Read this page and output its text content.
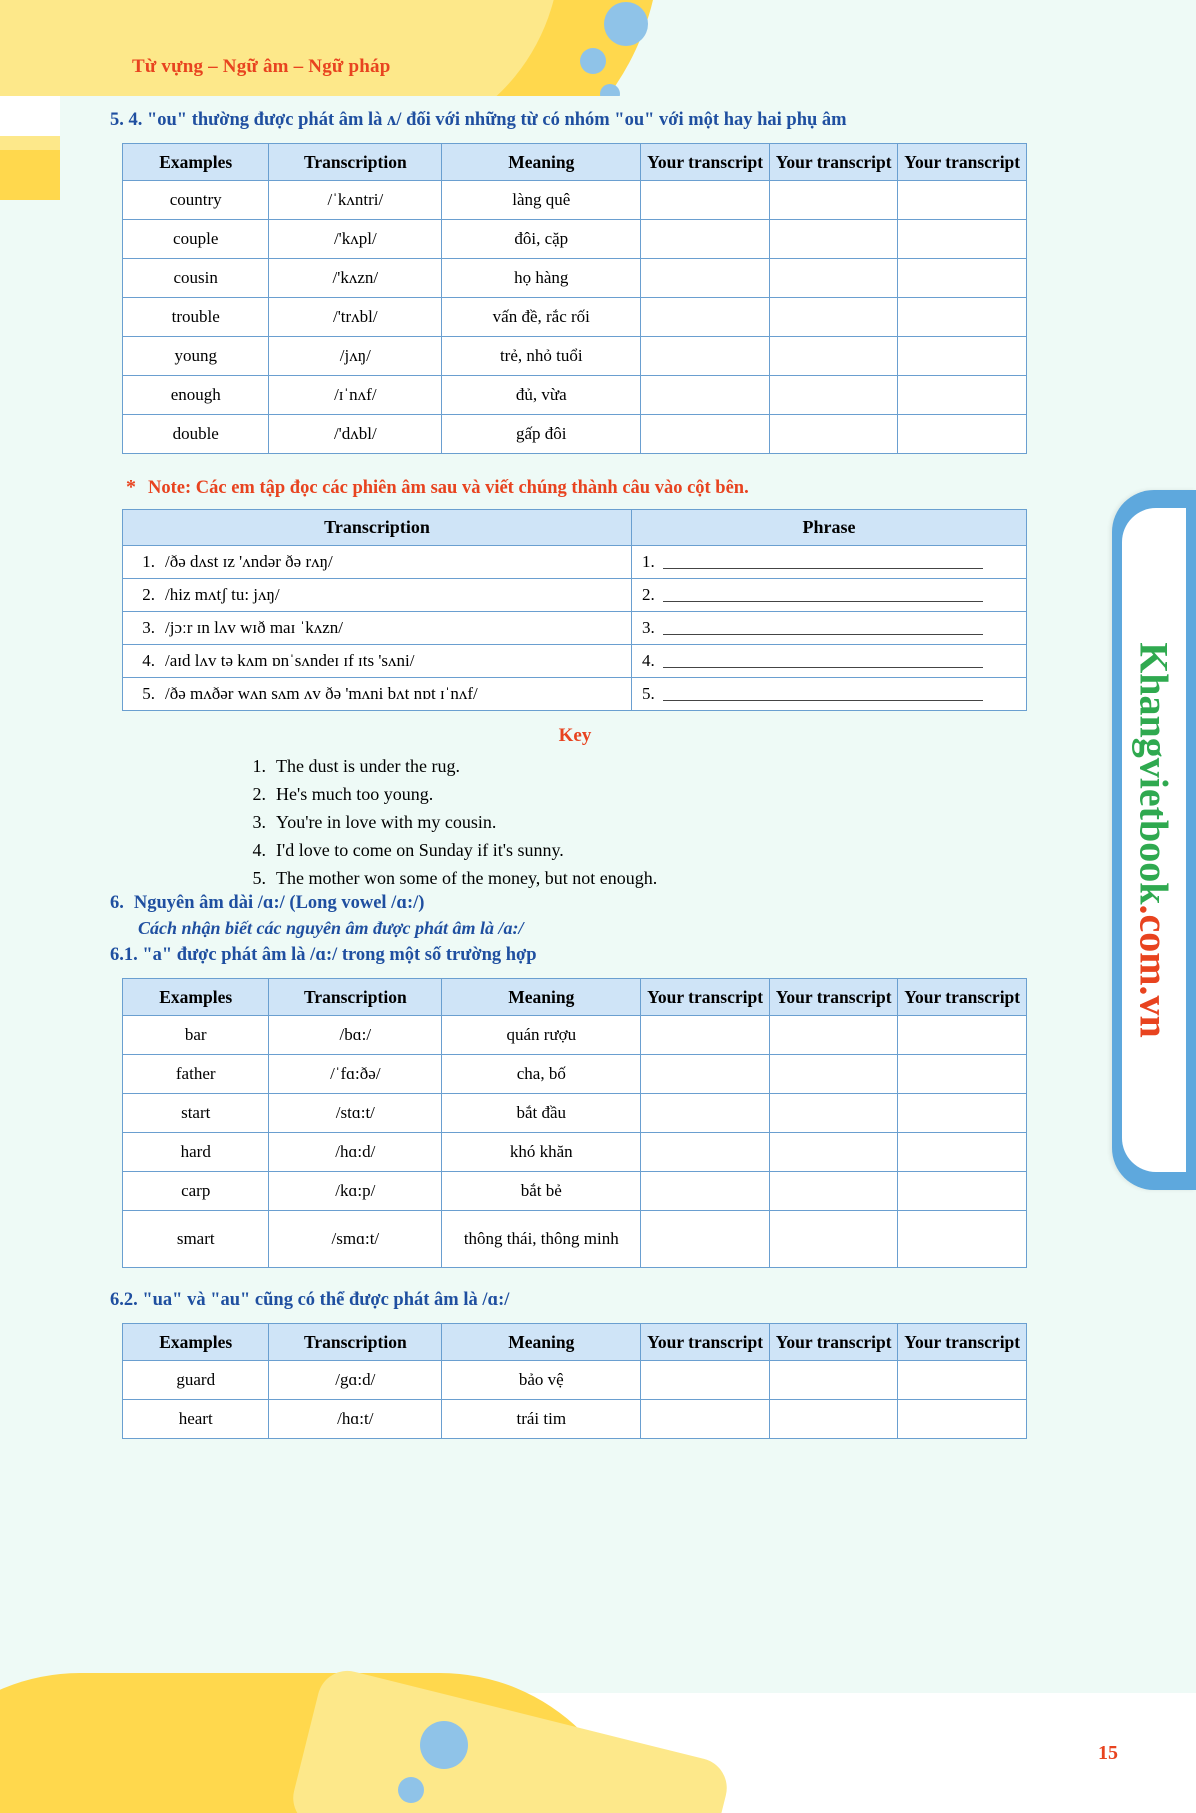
Từ vựng – Ngữ âm – Ngữ pháp
Khangvietbook.com.vn
5. 4. "ou" thường được phát âm là ʌ/ đối với những từ có nhóm "ou" với một hay hai phụ âm
Examples	Transcription	Meaning	Your transcript	Your transcript	Your transcript
country	/ˈkʌntri/	làng quê			
couple	/'kʌpl/	đôi, cặp			
cousin	/'kʌzn/	họ hàng			
trouble	/'trʌbl/	vấn đề, rắc rối			
young	/jʌŋ/	trẻ, nhỏ tuổi			
enough	/ɪˈnʌf/	đủ, vừa			
double	/'dʌbl/	gấp đôi			
* Note: Các em tập đọc các phiên âm sau và viết chúng thành câu vào cột bên.
Transcription	Phrase

1. /ðə dʌst ɪz 'ʌndər ðə rʌŋ/	1.

2. /hiz mʌtʃ tu: jʌŋ/	2.

3. /jɔːr ɪn lʌv wɪð maɪ ˈkʌzn/	3.

4. /aɪd lʌv tə kʌm ɒnˈsʌndeɪ ɪf ɪts 'sʌni/	4.

5. /ðə mʌðər wʌn sʌm ʌv ðə 'mʌni bʌt nɒt ɪˈnʌf/	5.
Key
1. The dust is under the rug.
2. He's much too young.
3. You're in love with my cousin.
4. I'd love to come on Sunday if it's sunny.
5. The mother won some of the money, but not enough.
6. Nguyên âm dài /ɑ:/ (Long vowel /ɑ:/)
Cách nhận biết các nguyên âm được phát âm là /a:/
6.1. "a" được phát âm là /ɑ:/ trong một số trường hợp
Examples	Transcription	Meaning	Your transcript	Your transcript	Your transcript
bar	/bɑ:/	quán rượu			
father	/ˈfɑ:ðə/	cha, bố			
start	/stɑ:t/	bắt đầu			
hard	/hɑ:d/	khó khăn			
carp	/kɑ:p/	bắt bẻ			
smart	/smɑ:t/	thông thái, thông minh			
6.2. "ua" và "au" cũng có thể được phát âm là /ɑ:/
Examples	Transcription	Meaning	Your transcript	Your transcript	Your transcript
guard	/gɑ:d/	bảo vệ			
heart	/hɑ:t/	trái tim			
15
